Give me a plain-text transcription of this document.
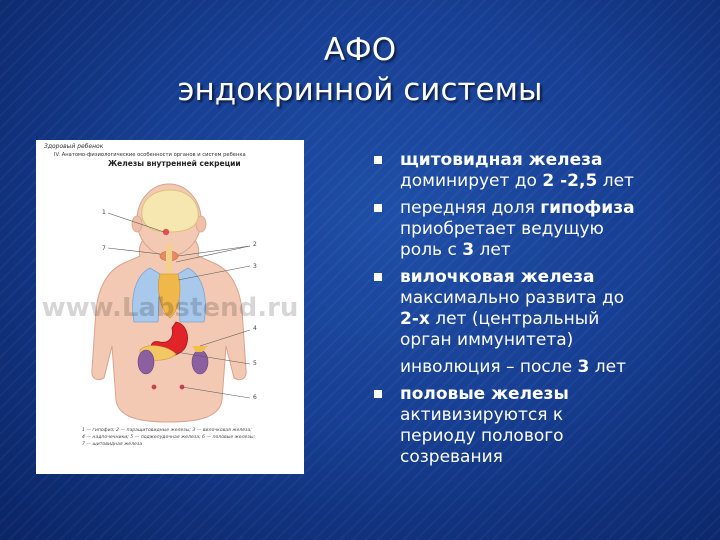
АФО
эндокринной системы
Здоровый ребенок
IV. Анатомо-физиологические особенности органов и систем ребенка
Железы внутренней секреции
1
7
2
3
4
5
6
www.Labstend.ru
1 — гипофиз; 2 — паращитовидные железы; 3 — вилочковая железа;
4 — надпочечники; 5 — поджелудочная железа; 6 — половые железы;
7 — щитовидная железа
щитовидная железа
доминирует до 2 -2,5 лет
передняя доля гипофиза
приобретает ведущую
роль с 3 лет
вилочковая железа
максимально развита до
2-х лет (центральный
орган иммунитета)
инволюция – после 3 лет
половые железы
активизируются к
периоду полового
созревания
